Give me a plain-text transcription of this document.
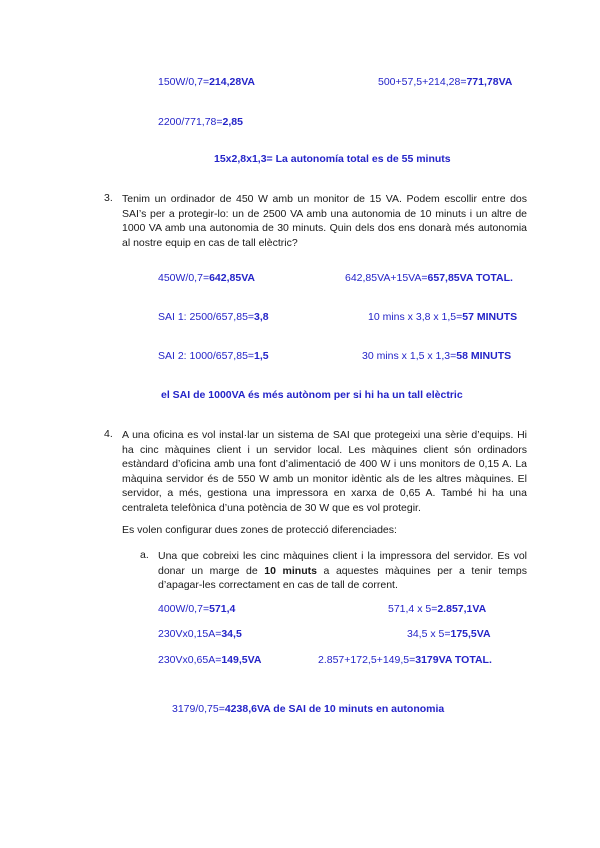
150W/0,7=214,28VA	500+57,5+214,28=771,78VA
2200/771,78=2,85
15x2,8x1,3= La autonomía total es de 55 minuts
3. Tenim un ordinador de 450 W amb un monitor de 15 VA. Podem escollir entre dos SAI’s per a protegir-lo: un de 2500 VA amb una autonomia de 10 minuts i un altre de 1000 VA amb una autonomia de 30 minuts. Quin dels dos ens donarà més autonomia al nostre equip en cas de tall elèctric?
450W/0,7=642,85VA	642,85VA+15VA=657,85VA TOTAL.
SAI 1: 2500/657,85=3,8	10 mins x 3,8 x 1,5=57 MINUTS
SAI 2: 1000/657,85=1,5	30 mins x 1,5 x 1,3=58 MINUTS
el SAI de 1000VA és més autònom per si hi ha un tall elèctric
4. A una oficina es vol instal·lar un sistema de SAI que protegeixi una sèrie d’equips. Hi ha cinc màquines client i un servidor local. Les màquines client són ordinadors estàndard d’oficina amb una font d’alimentació de 400 W i uns monitors de 0,15 A. La màquina servidor és de 550 W amb un monitor idèntic als de les altres màquines. El servidor, a més, gestiona una impressora en xarxa de 0,65 A. També hi ha una centraleta telefònica d’una potència de 30 W que es vol protegir.
Es volen configurar dues zones de protecció diferenciades:
a. Una que cobreixi les cinc màquines client i la impressora del servidor. Es vol donar un marge de 10 minuts a aquestes màquines per a tenir temps d’apagar-les correctament en cas de tall de corrent.
400W/0,7=571,4	571,4 x 5=2.857,1VA
230Vx0,15A=34,5	34,5 x 5=175,5VA
230Vx0,65A=149,5VA	2.857+172,5+149,5=3179VA TOTAL.
3179/0,75=4238,6VA de SAI de 10 minuts en autonomia
